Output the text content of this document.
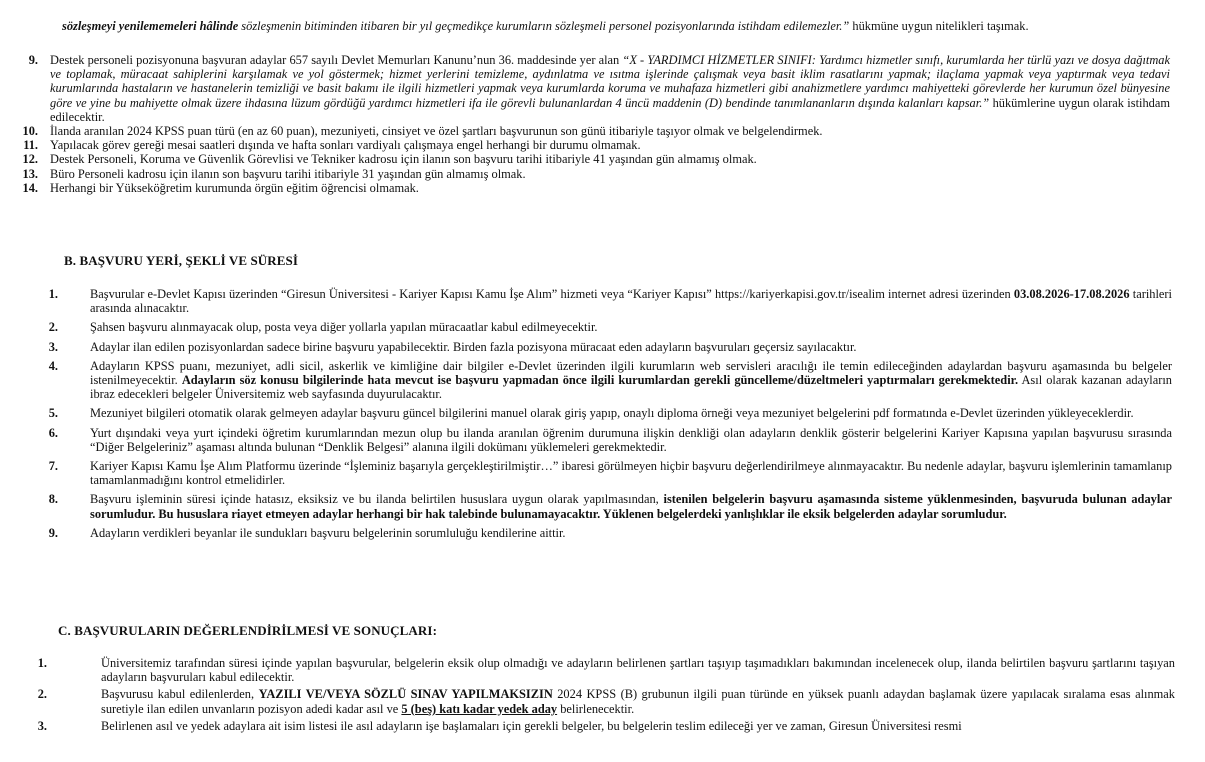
sözleşmeyi yenilememeleri hâlinde sözleşmenin bitiminden itibaren bir yıl geçmedikçe kurumların sözleşmeli personel pozisyonlarında istihdam edilemezler.” hükmüne uygun nitelikleri taşımak.
9. Destek personeli pozisyonuna başvuran adaylar 657 sayılı Devlet Memurları Kanunu’nun 36. maddesinde yer alan “X - YARDIMCI HİZMETLER SINIFI: Yardımcı hizmetler sınıfı, kurumlarda her türlü yazı ve dosya dağıtmak ve toplamak, müracaat sahiplerini karşılamak ve yol göstermek; hizmet yerlerini temizleme, aydınlatma ve ısıtma işlerinde çalışmak veya basit iklim rasatlarını yapmak; ilaçlama yapmak veya yaptırmak veya tedavi kurumlarında hastaların ve hastanelerin temizliği ve basit bakımı ile ilgili hizmetleri yapmak veya kurumlarda koruma ve muhafaza hizmetleri gibi anahizmetlere yardımcı mahiyetteki görevlerde her kurumun özel bünyesine göre ve yine bu mahiyette olmak üzere ihdasına lüzum gördüğü yardımcı hizmetleri ifa ile görevli bulunanlardan 4 üncü maddenin (D) bendinde tanımlananların dışında kalanları kapsar.” hükümlerine uygun olarak istihdam edilecektir.
10. İlanda aranılan 2024 KPSS puan türü (en az 60 puan), mezuniyeti, cinsiyet ve özel şartları başvurunun son günü itibariyle taşıyor olmak ve belgelendirmek.
11. Yapılacak görev gereği mesai saatleri dışında ve hafta sonları vardiyalı çalışmaya engel herhangi bir durumu olmamak.
12. Destek Personeli, Koruma ve Güvenlik Görevlisi ve Tekniker kadrosu için ilanın son başvuru tarihi itibariyle 41 yaşından gün almamış olmak.
13. Büro Personeli kadrosu için ilanın son başvuru tarihi itibariyle 31 yaşından gün almamış olmak.
14. Herhangi bir Yükseköğretim kurumunda örgün eğitim öğrencisi olmamak.
B. BAŞVURU YERİ, ŞEKLİ VE SÜRESİ
1.	Başvurular e-Devlet Kapısı üzerinden “Giresun Üniversitesi - Kariyer Kapısı Kamu İşe Alım” hizmeti veya “Kariyer Kapısı” https://kariyerkapisi.gov.tr/isealim internet adresi üzerinden 03.08.2026-17.08.2026 tarihleri arasında alınacaktır.
2.	Şahsen başvuru alınmayacak olup, posta veya diğer yollarla yapılan müracaatlar kabul edilmeyecektir.
3.	Adaylar ilan edilen pozisyonlardan sadece birine başvuru yapabilecektir. Birden fazla pozisyona müracaat eden adayların başvuruları geçersiz sayılacaktır.
4.	Adayların KPSS puanı, mezuniyet, adli sicil, askerlik ve kimliğine dair bilgiler e-Devlet üzerinden ilgili kurumların web servisleri aracılığı ile temin edileceğinden adaylardan başvuru aşamasında bu belgeler istenilmeyecektir. Adayların söz konusu bilgilerinde hata mevcut ise başvuru yapmadan önce ilgili kurumlardan gerekli güncelleme/düzeltmeleri yaptırmaları gerekmektedir. Asıl olarak kazanan adayların ibraz edecekleri belgeler Üniversitemiz web sayfasında duyurulacaktır.
5.	Mezuniyet bilgileri otomatik olarak gelmeyen adaylar başvuru güncel bilgilerini manuel olarak giriş yapıp, onaylı diploma örneği veya mezuniyet belgelerini pdf formatında e-Devlet üzerinden yükleyeceklerdir.
6.	Yurt dışındaki veya yurt içindeki öğretim kurumlarından mezun olup bu ilanda aranılan öğrenim durumuna ilişkin denkliği olan adayların denklik gösterir belgelerini Kariyer Kapısına yapılan başvurusu sırasında “Diğer Belgeleriniz” aşaması altında bulunan “Denklik Belgesi” alanına ilgili dokümanı yüklemeleri gerekmektedir.
7.	Kariyer Kapısı Kamu İşe Alım Platformu üzerinde “İşleminiz başarıyla gerçekleştirilmiştir…” ibaresi görülmeyen hiçbir başvuru değerlendirilmeye alınmayacaktır. Bu nedenle adaylar, başvuru işlemlerinin tamamlanıp tamamlanmadığını kontrol etmelidirler.
8.	Başvuru işleminin süresi içinde hatasız, eksiksiz ve bu ilanda belirtilen hususlara uygun olarak yapılmasından, istenilen belgelerin başvuru aşamasında sisteme yüklenmesinden, başvuruda bulunan adaylar sorumludur. Bu hususlara riayet etmeyen adaylar herhangi bir hak talebinde bulunamayacaktır. Yüklenen belgelerdeki yanlışlıklar ile eksik belgelerden adaylar sorumludur.
9.	Adayların verdikleri beyanlar ile sundukları başvuru belgelerinin sorumluluğu kendilerine aittir.
C. BAŞVURULARIN DEĞERLENDİRİLMESİ VE SONUÇLARI:
1.	Üniversitemiz tarafından süresi içinde yapılan başvurular, belgelerin eksik olup olmadığı ve adayların belirlenen şartları taşıyıp taşımadıkları bakımından incelenecek olup, ilanda belirtilen başvuru şartlarını taşıyan adayların başvuruları kabul edilecektir.
2.	Başvurusu kabul edilenlerden, YAZILI VE/VEYA SÖZLÜ SINAV YAPILMAKSIZIN 2024 KPSS (B) grubunun ilgili puan türünde en yüksek puanlı adaydan başlamak üzere yapılacak sıralama esas alınmak suretiyle ilan edilen unvanların pozisyon adedi kadar asıl ve 5 (beş) katı kadar yedek aday belirlenecektir.
3.	Belirlenen asıl ve yedek adaylara ait isim listesi ile asıl adayların işe başlamaları için gerekli belgeler, bu belgelerin teslim edileceği yer ve zaman, Giresun Üniversitesi resmi
